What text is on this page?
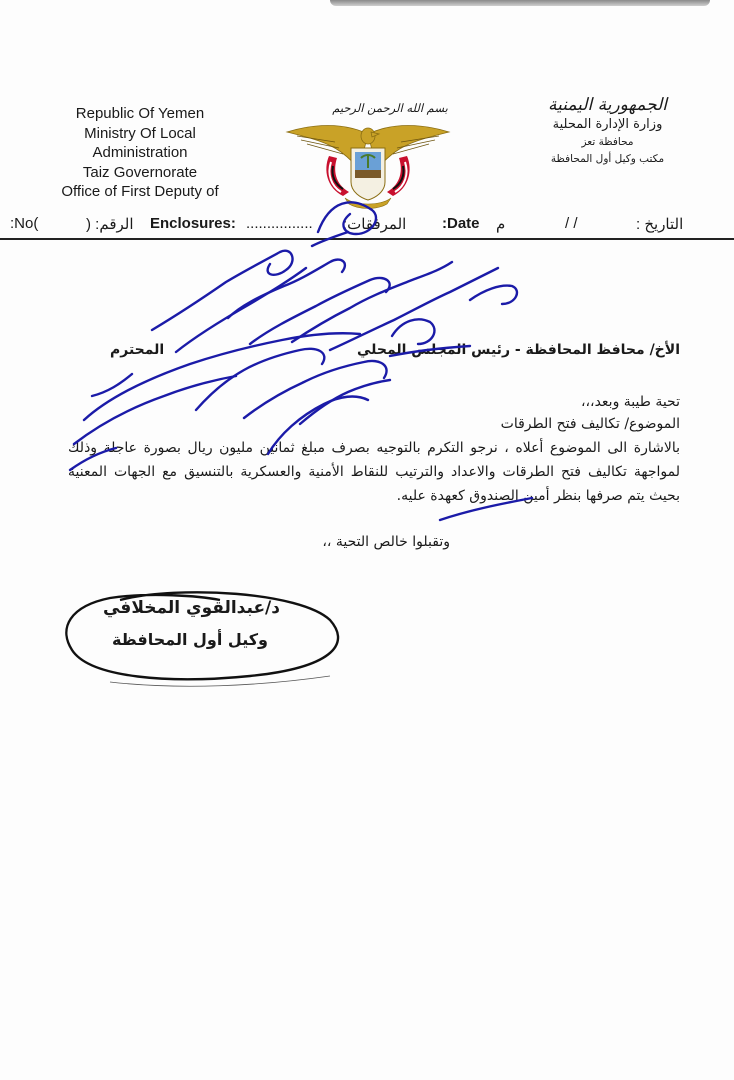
Republic Of Yemen
Ministry Of Local
Administration
Taiz Governorate
Office of First Deputy of
بسم الله الرحمن الرحيم	الجمهورية اليمنية
وزارة الإدارة المحلية
محافظة تعز
مكتب وكيل أول المحافظة
:No(	الرقم: ( Enclosures: ................ المرفقات: :Date م	/ /	التاريخ :
الأخ/ محافظ المحافظة - رئيس المجلس المحلي
المحترم
تحية طيبة وبعد،،،
الموضوع/ تكاليف فتح الطرقات
بالاشارة الى الموضوع أعلاه ، نرجو التكرم بالتوجيه بصرف مبلغ ثمانين مليون ريال بصورة عاجلة وذلك لمواجهة تكاليف فتح الطرقات والاعداد والترتيب للنقاط الأمنية والعسكرية بالتنسيق مع الجهات المعنية بحيث يتم صرفها بنظر أمين الصندوق كعهدة عليه.
وتقبلوا خالص التحية ،،
د/عبدالقوي المخلافي
وكيل أول المحافظة
